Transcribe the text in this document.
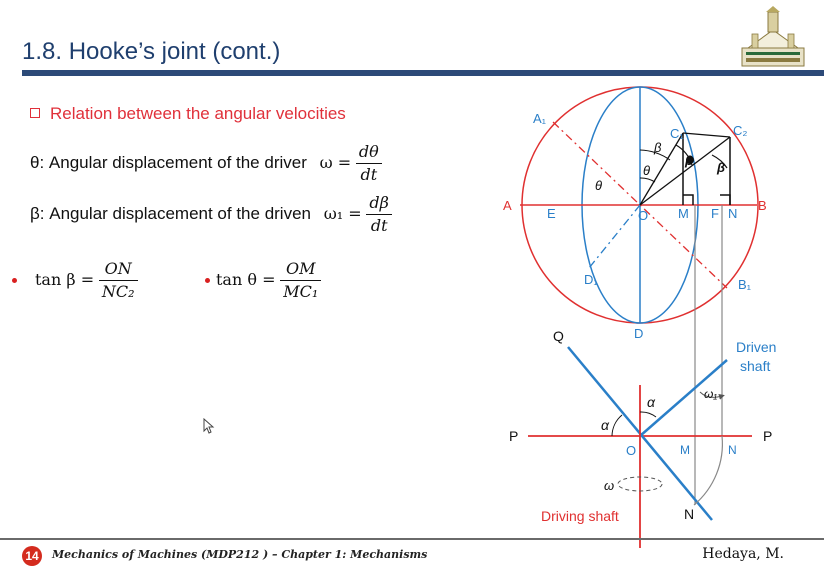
1.8. Hooke’s joint (cont.)
Relation between the angular velocities
θ: Angular displacement of the driver $\omega = \frac{d\theta}{dt}$
β: Angular displacement of the driven $\omega_1 = \frac{d\beta}{dt}$
$\tan \beta = \frac{ON}{\text{NC₂}}$	$\tan \theta = \frac{OM}{\text{MC₁}}$
A₁
A
E	O M F N
B
B₁
C₁	C₂
D₁
D
θ
θ
β
β β
Q
P	P
O	M	N
N
α
α
ω
ω₁
Driven
shaft
Driving shaft
14	Mechanics of Machines (MDP212 ) – Chapter 1: Mechanisms	Hedaya, M.
